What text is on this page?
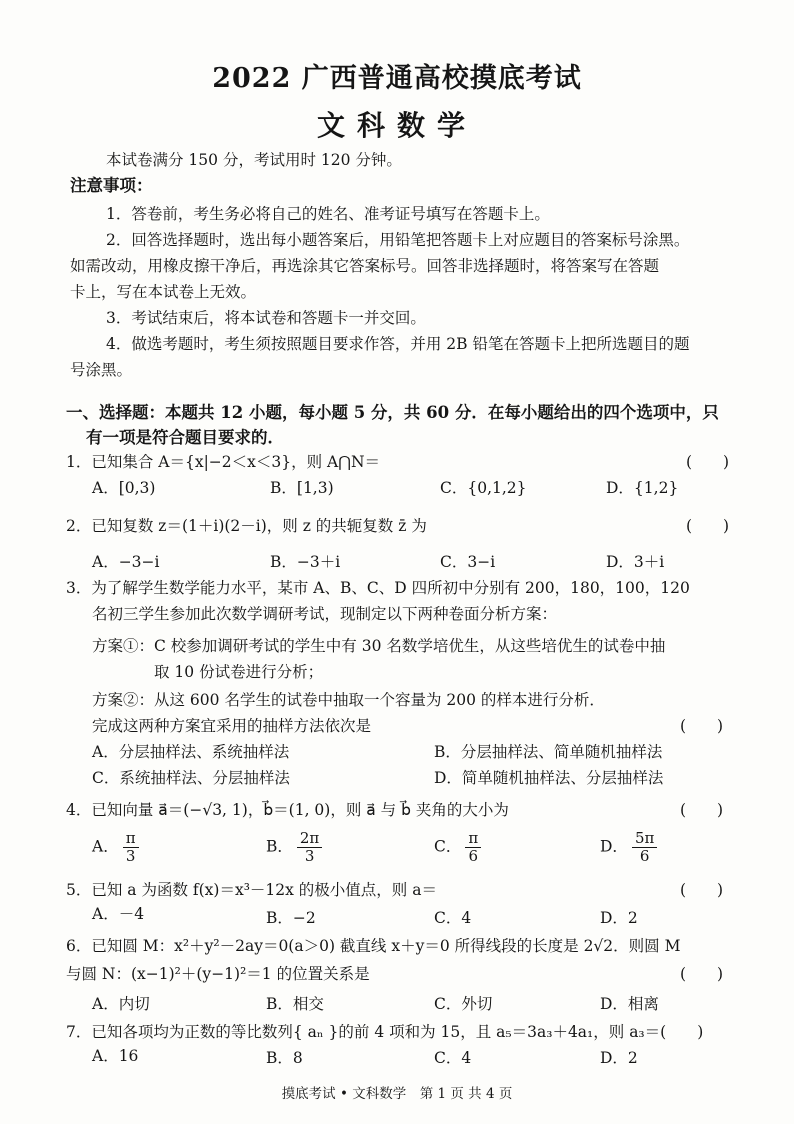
2022 广西普通高校摸底考试
文科数学
本试卷满分 150 分，考试用时 120 分钟。
注意事项：
1．答卷前，考生务必将自己的姓名、准考证号填写在答题卡上。
2．回答选择题时，选出每小题答案后，用铅笔把答题卡上对应题目的答案标号涂黑。
如需改动，用橡皮擦干净后，再选涂其它答案标号。回答非选择题时，将答案写在答题
卡上，写在本试卷上无效。
3．考试结束后，将本试卷和答题卡一并交回。
4．做选考题时，考生须按照题目要求作答，并用 2B 铅笔在答题卡上把所选题目的题
号涂黑。
一、选择题：本题共 12 小题，每小题 5 分，共 60 分．在每小题给出的四个选项中，只
有一项是符合题目要求的．
1．已知集合 A＝{x|−2＜x＜3}，则 A⋂N＝	(　　)
A．[0,3)	B．[1,3)	C．{0,1,2}	D．{1,2}
2．已知复数 z＝(1＋i)(2－i)，则 z 的共轭复数 z̄ 为	(　　)
A．−3−i	B．−3＋i	C．3−i	D．3＋i
3．为了解学生数学能力水平，某市 A、B、C、D 四所初中分别有 200，180，100，120
名初三学生参加此次数学调研考试，现制定以下两种卷面分析方案：
方案①：C 校参加调研考试的学生中有 30 名数学培优生，从这些培优生的试卷中抽
取 10 份试卷进行分析；
方案②：从这 600 名学生的试卷中抽取一个容量为 200 的样本进行分析．
完成这两种方案宜采用的抽样方法依次是	(　　)
A．分层抽样法、系统抽样法	B．分层抽样法、简单随机抽样法
C．系统抽样法、分层抽样法	D．简单随机抽样法、分层抽样法
4．已知向量 a⃗＝(−√3, 1)，b⃗＝(1, 0)，则 a⃗ 与 b⃗ 夹角的大小为	(　　)
A． $\frac{\pi}{3}$	B． $\frac{2\pi}{3}$	C． $\frac{\pi}{6}$	D． $\frac{5\pi}{6}$
5．已知 a 为函数 f(x)＝x³－12x 的极小值点，则 a＝	(　　)
A．－4	B．−2	C．4	D．2
6．已知圆 M：x²＋y²－2ay＝0(a＞0) 截直线 x＋y＝0 所得线段的长度是 2√2．则圆 M
与圆 N：(x−1)²＋(y−1)²＝1 的位置关系是	(　　)
A．内切	B．相交	C．外切	D．相离
7．已知各项均为正数的等比数列{ aₙ }的前 4 项和为 15，且 a₅＝3a₃＋4a₁，则 a₃＝(　　)
A．16	B．8	C．4	D．2
摸底考试 • 文科数学　第 1 页 共 4 页
